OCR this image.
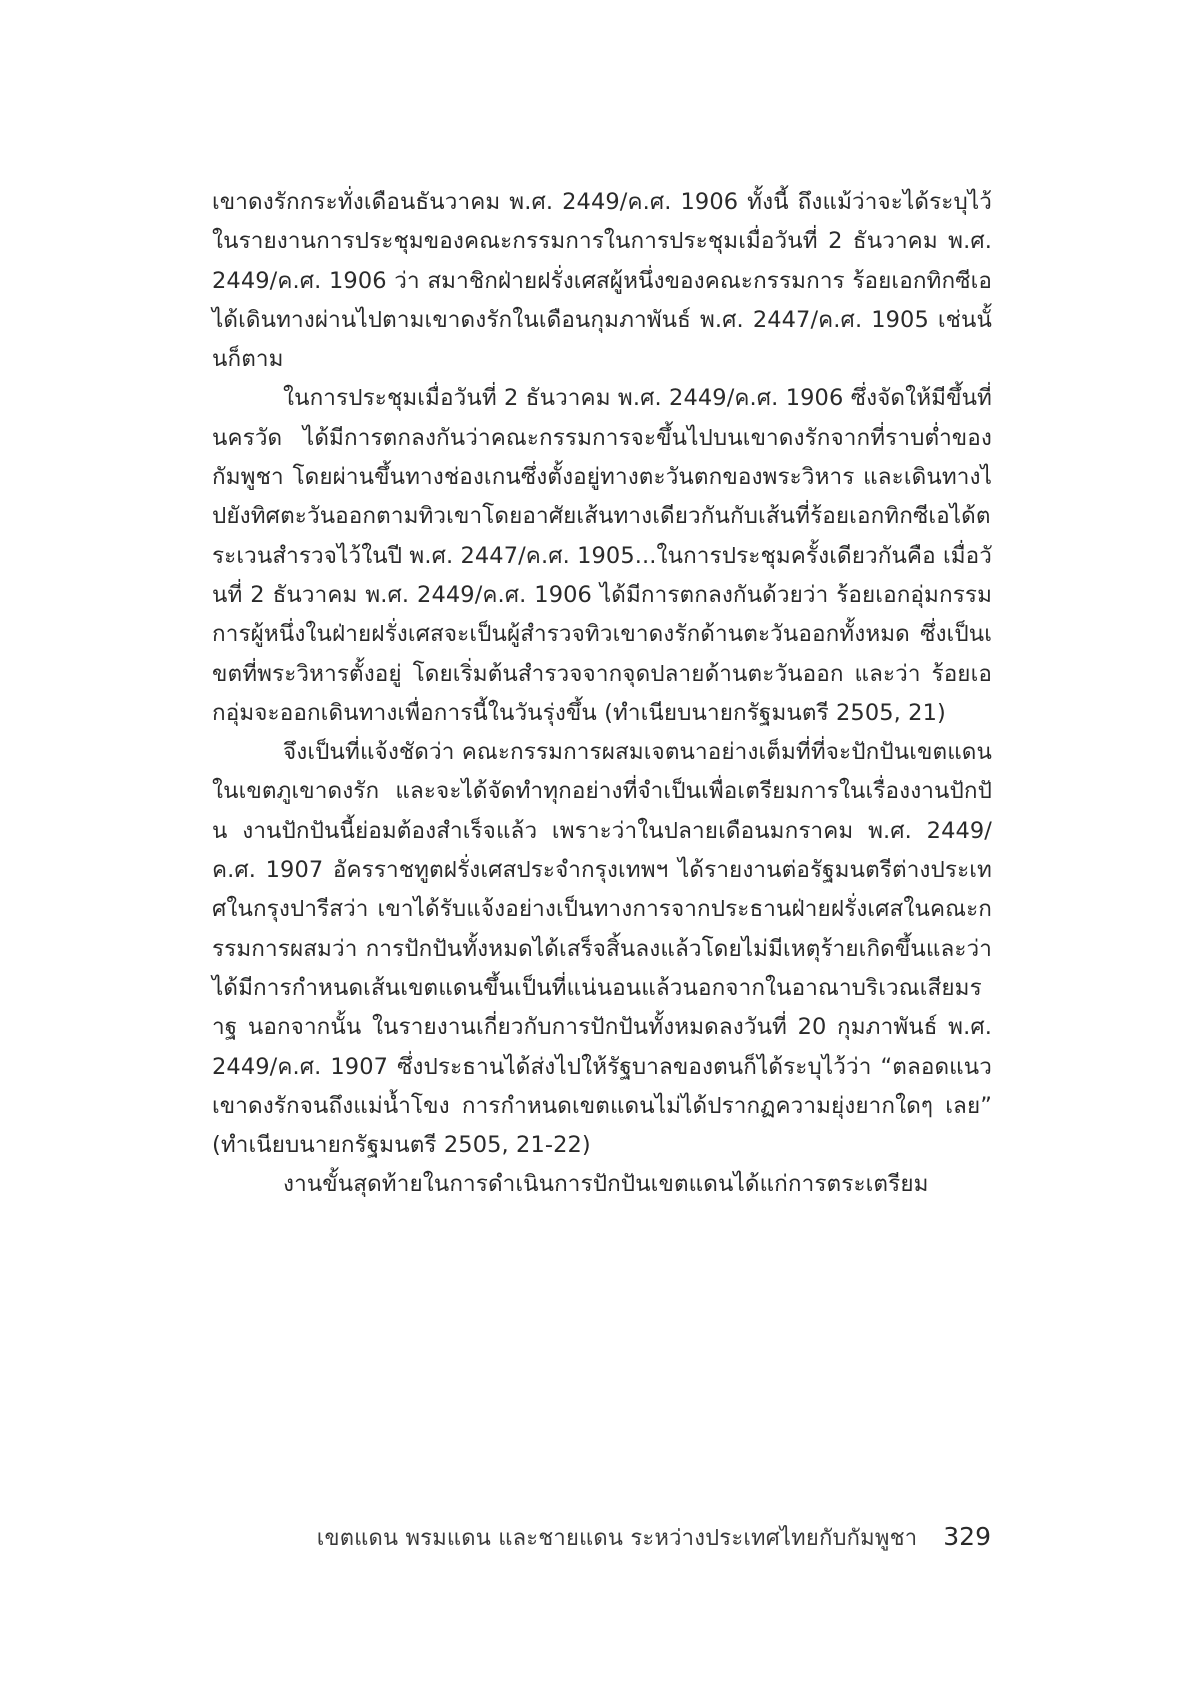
เขาดงรักกระทั่งเดือนธันวาคม พ.ศ. 2449/ค.ศ. 1906 ทั้งนี้ ถึงแม้ว่าจะได้ระบุไว้ในรายงานการประชุมของคณะกรรมการในการประชุมเมื่อวันที่ 2 ธันวาคม พ.ศ. 2449/ค.ศ. 1906 ว่า สมาชิกฝ่ายฝรั่งเศสผู้หนึ่งของคณะกรรมการ ร้อยเอกทิกซีเอได้เดินทางผ่านไปตามเขาดงรักในเดือนกุมภาพันธ์ พ.ศ. 2447/ค.ศ. 1905 เช่นนั้นก็ตาม

ในการประชุมเมื่อวันที่ 2 ธันวาคม พ.ศ. 2449/ค.ศ. 1906 ซึ่งจัดให้มีขึ้นที่นครวัด ได้มีการตกลงกันว่าคณะกรรมการจะขึ้นไปบนเขาดงรักจากที่ราบต่ำของกัมพูชา โดยผ่านขึ้นทางช่องเกนซึ่งตั้งอยู่ทางตะวันตกของพระวิหาร และเดินทางไปยังทิศตะวันออกตามทิวเขาโดยอาศัยเส้นทางเดียวกันกับเส้นที่ร้อยเอกทิกซีเอได้ตระเวนสำรวจไว้ในปี พ.ศ. 2447/ค.ศ. 1905...ในการประชุมครั้งเดียวกันคือ เมื่อวันที่ 2 ธันวาคม พ.ศ. 2449/ค.ศ. 1906 ได้มีการตกลงกันด้วยว่า ร้อยเอกอุ่มกรรมการผู้หนึ่งในฝ่ายฝรั่งเศสจะเป็นผู้สำรวจทิวเขาดงรักด้านตะวันออกทั้งหมด ซึ่งเป็นเขตที่พระวิหารตั้งอยู่ โดยเริ่มต้นสำรวจจากจุดปลายด้านตะวันออก และว่า ร้อยเอกอุ่มจะออกเดินทางเพื่อการนี้ในวันรุ่งขึ้น (ทำเนียบนายกรัฐมนตรี 2505, 21)

จึงเป็นที่แจ้งชัดว่า คณะกรรมการผสมเจตนาอย่างเต็มที่ที่จะปักปันเขตแดนในเขตภูเขาดงรัก และจะได้จัดทำทุกอย่างที่จำเป็นเพื่อเตรียมการในเรื่องงานปักปัน งานปักปันนี้ย่อมต้องสำเร็จแล้ว เพราะว่าในปลายเดือนมกราคม พ.ศ. 2449/ค.ศ. 1907 อัครราชทูตฝรั่งเศสประจำกรุงเทพฯ ได้รายงานต่อรัฐมนตรีต่างประเทศในกรุงปารีสว่า เขาได้รับแจ้งอย่างเป็นทางการจากประธานฝ่ายฝรั่งเศสในคณะกรรมการผสมว่า การปักปันทั้งหมดได้เสร็จสิ้นลงแล้วโดยไม่มีเหตุร้ายเกิดขึ้นและว่าได้มีการกำหนดเส้นเขตแดนขึ้นเป็นที่แน่นอนแล้วนอกจากในอาณาบริเวณเสียมราฐ นอกจากนั้น ในรายงานเกี่ยวกับการปักปันทั้งหมดลงวันที่ 20 กุมภาพันธ์ พ.ศ. 2449/ค.ศ. 1907 ซึ่งประธานได้ส่งไปให้รัฐบาลของตนก็ได้ระบุไว้ว่า “ตลอดแนวเขาดงรักจนถึงแม่น้ำโขง การกำหนดเขตแดนไม่ได้ปรากฏความยุ่งยากใดๆ เลย” (ทำเนียบนายกรัฐมนตรี 2505, 21-22)

งานขั้นสุดท้ายในการดำเนินการปักปันเขตแดนได้แก่การตระเตรียม

เขตแดน พรมแดน และชายแดน ระหว่างประเทศไทยกับกัมพูชา 329
